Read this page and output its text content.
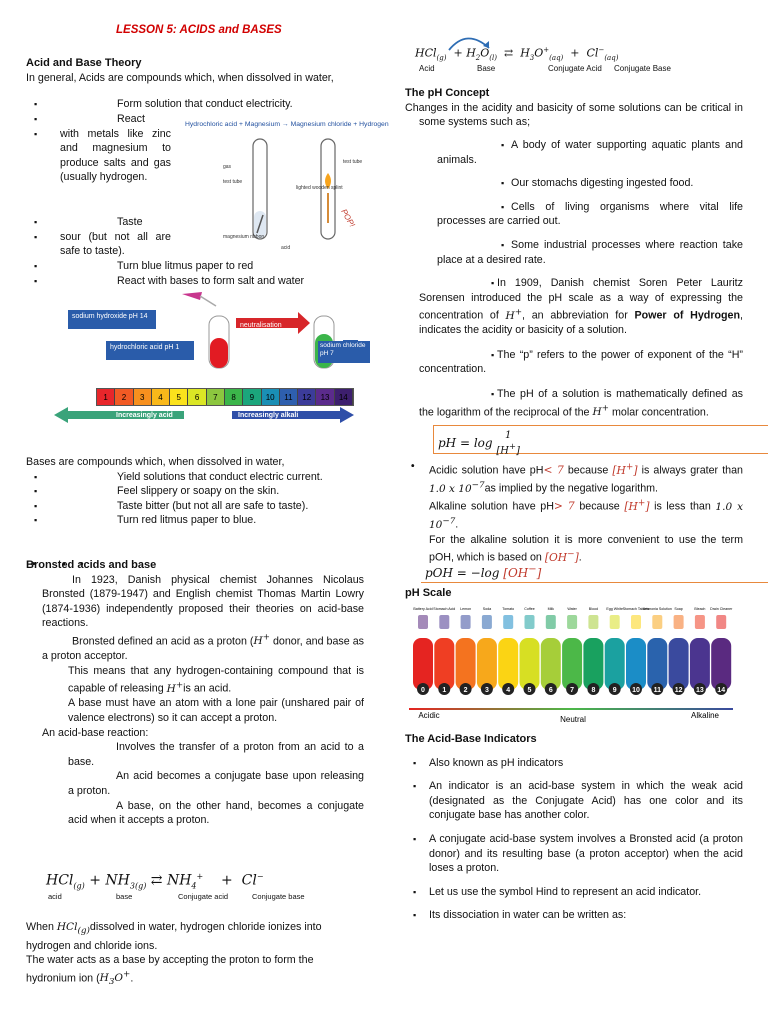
LESSON 5: ACIDS and BASES

Acid and Base Theory

In general, Acids are compounds which, when dissolved in water,

▪ Form solution that conduct electricity.
▪ React
▪ with metals like zinc and magnesium to produce salts and gas (usually hydrogen.
▪ Taste
▪ sour (but not all are safe to taste).
▪ Turn blue litmus paper to red
▪ React with bases to form salt and water
Hydrochloric acid + Magnesium → Magnesium chloride + Hydrogen
gas
test tube
magnesium ribbon
acid
test tube
lighted wooden splint
POP!
sodium hydroxide pH 14
hydrochloric acid pH 1
neutralisation
sodium chloride pH 7
1	2	3	4	5	6	7	8	9	10	11	12	13	14
Increasingly acid	Increasingly alkali

Bases are compounds which, when dissolved in water,

▪ Yield solutions that conduct electric current.
▪ Feel slippery or soapy on the skin.
▪ Taste bitter (but not all are safe to taste).
▪ Turn red litmus paper to blue.

Bronsted acids and base

• In 1923, Danish physical chemist Johannes Nicolaus Bronsted (1879-1947) and English chemist Thomas Martin Lowry (1874-1936) independently proposed their theories on acid-base reactions.
• Bronsted defined an acid as a proton (H+ donor, and base as a proton acceptor.
• This means that any hydrogen-containing compound that is capable of releasing H+is an acid.
• A base must have an atom with a lone pair (unshared pair of valence electrons) so it can accept a proton.
• An acid-base reaction:
• Involves the transfer of a proton from an acid to a base.
• An acid becomes a conjugate base upon releasing a proton.
• A base, on the other hand, becomes a conjugate acid when it accepts a proton.
$HCl_{(g)} + NH_{3(g)}$ ⇄ $NH_4^+$    +  Cl−
acid	base	Conjugate acid	Conjugate base

When HCl$_{(g)}$dissolved in water, hydrogen chloride ionizes into hydrogen and chloride ions.

The water acts as a base by accepting the proton to form the hydronium ion ($H_3O^+$.

$HCl_{(g)} + H_2O_{(l)}$  ⇄  $H_3O^+_{(aq)} + Cl^-_{(aq)}$
Acid	Base	Conjugate Acid Conjugate Base

The pH Concept

Changes in the acidity and basicity of some solutions can be critical in some systems such as;

▪ A body of water supporting aquatic plants and animals.
▪ Our stomachs digesting ingested food.
▪ Cells of living organisms where vital life processes are carried out.
▪ Some industrial processes where reaction take place at a desired rate.
▪ In 1909, Danish chemist Soren Peter Lauritz Sorensen introduced the pH scale as a way of expressing the concentration of H+, an abbreviation for Power of Hydrogen, indicates the acidity or basicity of a solution.
▪ The “p” refers to the power of exponent of the “H” concentration.
▪ The pH of a solution is mathematically defined as the logarithm of the reciprocal of the H+ molar concentration.
pH = log 1
[H+]
• Acidic solution have pH< 7 because [H+] is always grater than 1.0 x $10^{-7}as$ implied by the negative logarithm.
• Alkaline solution have pH> 7 because [H+] is less than 1.0 x $10^{-7}$.
• For the alkaline solution it is more convenient to use the term pOH, which is based on [OH−].
pOH = −log [OH−]

pH Scale

Battery Acid
0
Stomach Acid
1
Lemon
2
Soda
3
Tomato
4
Coffee
5
Milk
6
Water
7
Blood
8
Egg White
9
Stomach Tablets
10
Ammonia Solution
11
Soap
12
Bleach
13
Drain Cleaner
14
Acidic	Neutral	Alkaline

The Acid-Base Indicators

▪ Also known as pH indicators
▪ An indicator is an acid-base system in which the weak acid (designated as the Conjugate Acid) has one color and its conjugate base has another color.
▪ A conjugate acid-base system involves a Bronsted acid (a proton donor) and its resulting base (a proton acceptor) when the acid loses a proton.
▪ Let us use the symbol Hind to represent an acid indicator.
▪ Its dissociation in water can be written as:
